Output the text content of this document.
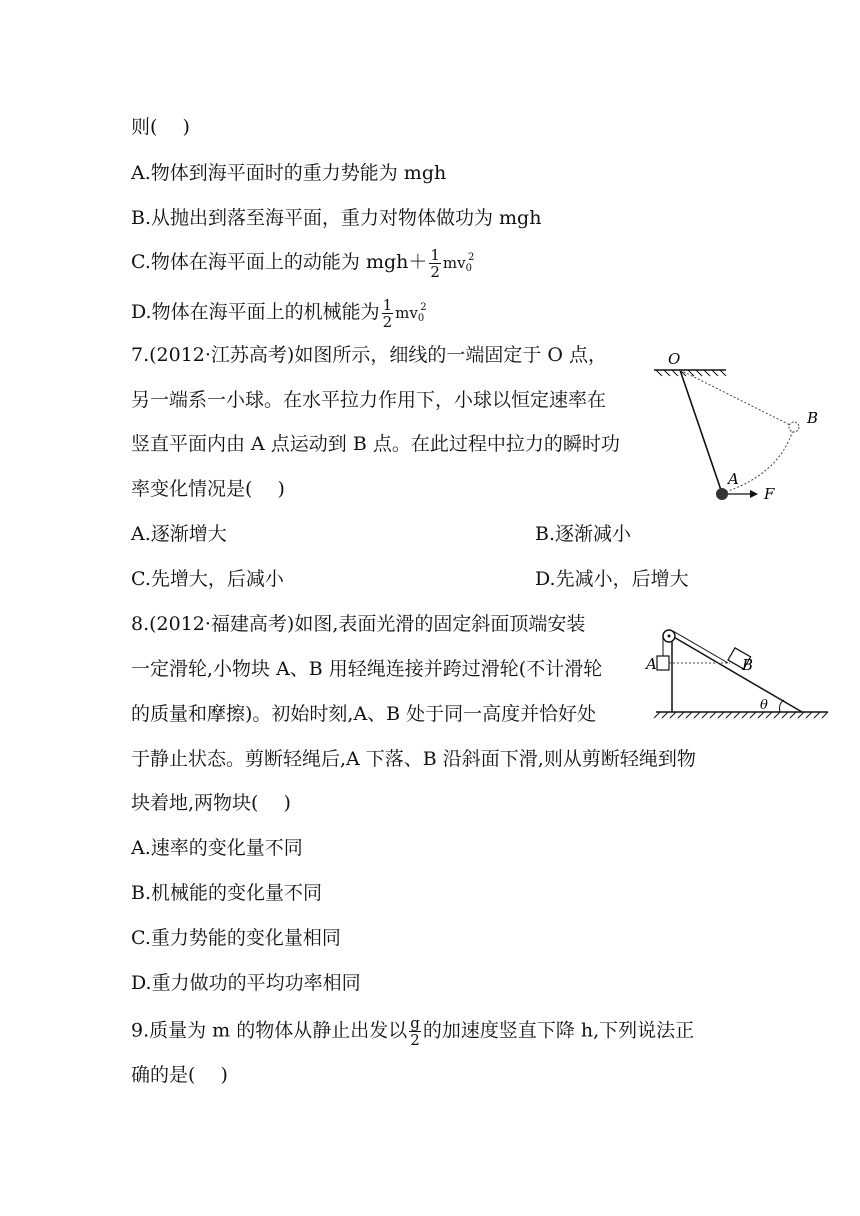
则(　 )
A.物体到海平面时的重力势能为 mgh
B.从抛出到落至海平面，重力对物体做功为 mgh
C.物体在海平面上的动能为 $mgh+ \frac{1}{2} mv_0^2$
D.物体在海平面上的机械能为 $\frac{1}{2} mv_0^2$
7.(2012·江苏高考)如图所示，细线的一端固定于 O 点，
另一端系一小球。在水平拉力作用下，小球以恒定速率在
竖直平面内由 A 点运动到 B 点。在此过程中拉力的瞬时功
率变化情况是(　 )
O
A
B
F
A.逐渐增大	B.逐渐减小
C.先增大，后减小	D.先减小，后增大
8.(2012·福建高考)如图,表面光滑的固定斜面顶端安装
一定滑轮,小物块 A、B 用轻绳连接并跨过滑轮(不计滑轮
的质量和摩擦)。初始时刻,A、B 处于同一高度并恰好处
于静止状态。剪断轻绳后,A 下落、B 沿斜面下滑,则从剪断轻绳到物
块着地,两物块(　 )
A	B
θ
A.速率的变化量不同
B.机械能的变化量不同
C.重力势能的变化量相同
D.重力做功的平均功率相同
9.质量为 m 的物体从静止出发以 $\frac{g}{2}$ 的加速度竖直下降 h,下列说法正
确的是(　 )
